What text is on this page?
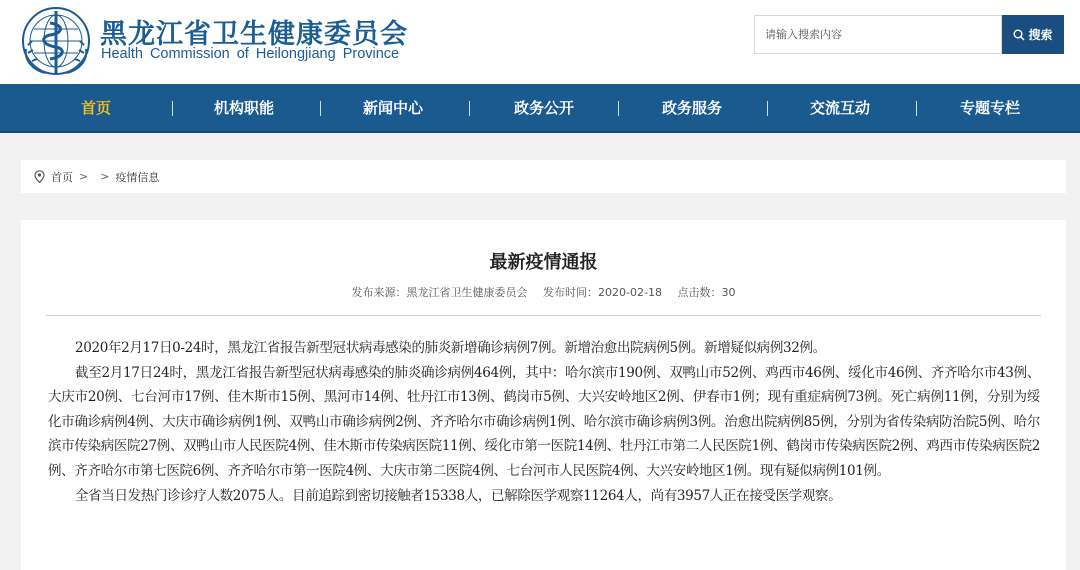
黑龙江省卫生健康委员会
Health Commission of Heilongjiang Province
请输入搜索内容
搜索
首页	机构职能	新闻中心	政务公开	政务服务	交流互动	专题专栏
首页 > > 疫情信息
最新疫情通报
发布来源：黑龙江省卫生健康委员会 发布时间：2020-02-18 点击数：30

2020年2月17日0-24时，黑龙江省报告新型冠状病毒感染的肺炎新增确诊病例7例。新增治愈出院病例5例。新增疑似病例32例。

截至2月17日24时，黑龙江省报告新型冠状病毒感染的肺炎确诊病例464例，其中：哈尔滨市190例、双鸭山市52例、鸡西市46例、绥化市46例、齐齐哈尔市43例、大庆市20例、七台河市17例、佳木斯市15例、黑河市14例、牡丹江市13例、鹤岗市5例、大兴安岭地区2例、伊春市1例；现有重症病例73例。死亡病例11例，分别为绥化市确诊病例4例、大庆市确诊病例1例、双鸭山市确诊病例2例、齐齐哈尔市确诊病例1例、哈尔滨市确诊病例3例。治愈出院病例85例，分别为省传染病防治院5例、哈尔滨市传染病医院27例、双鸭山市人民医院4例、佳木斯市传染病医院11例、绥化市第一医院14例、牡丹江市第二人民医院1例、鹤岗市传染病医院2例、鸡西市传染病医院2例、齐齐哈尔市第七医院6例、齐齐哈尔市第一医院4例、大庆市第二医院4例、七台河市人民医院4例、大兴安岭地区1例。现有疑似病例101例。

全省当日发热门诊诊疗人数2075人。目前追踪到密切接触者15338人，已解除医学观察11264人，尚有3957人正在接受医学观察。
